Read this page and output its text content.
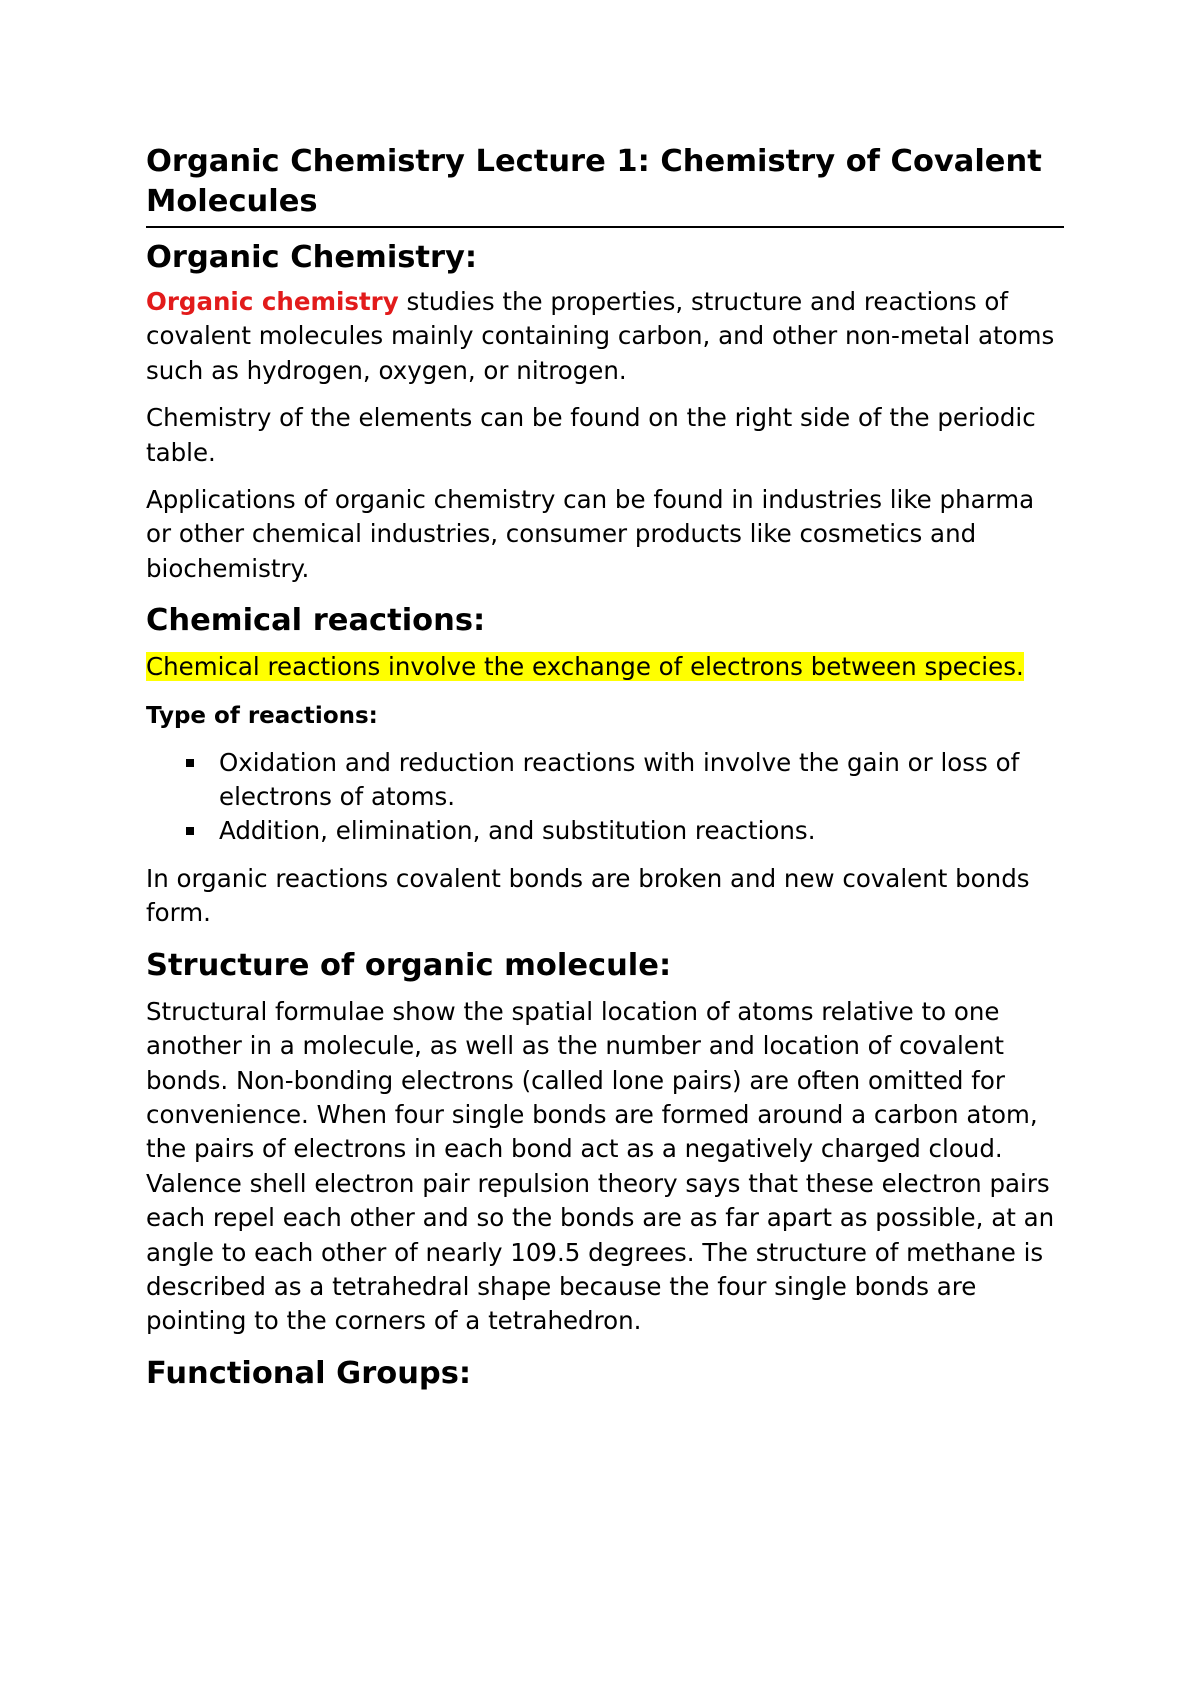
Organic Chemistry Lecture 1: Chemistry of Covalent Molecules
Organic Chemistry:

Organic chemistry studies the properties, structure and reactions of covalent molecules mainly containing carbon, and other non-metal atoms such as hydrogen, oxygen, or nitrogen.

Chemistry of the elements can be found on the right side of the periodic table.

Applications of organic chemistry can be found in industries like pharma or other chemical industries, consumer products like cosmetics and biochemistry.

Chemical reactions:

Chemical reactions involve the exchange of electrons between species.

Type of reactions:
Oxidation and reduction reactions with involve the gain or loss of electrons of atoms.
Addition, elimination, and substitution reactions.

In organic reactions covalent bonds are broken and new covalent bonds form.

Structure of organic molecule:

Structural formulae show the spatial location of atoms relative to one another in a molecule, as well as the number and location of covalent bonds. Non-bonding electrons (called lone pairs) are often omitted for convenience. When four single bonds are formed around a carbon atom, the pairs of electrons in each bond act as a negatively charged cloud. Valence shell electron pair repulsion theory says that these electron pairs each repel each other and so the bonds are as far apart as possible, at an angle to each other of nearly 109.5 degrees. The structure of methane is described as a tetrahedral shape because the four single bonds are pointing to the corners of a tetrahedron.

Functional Groups:
